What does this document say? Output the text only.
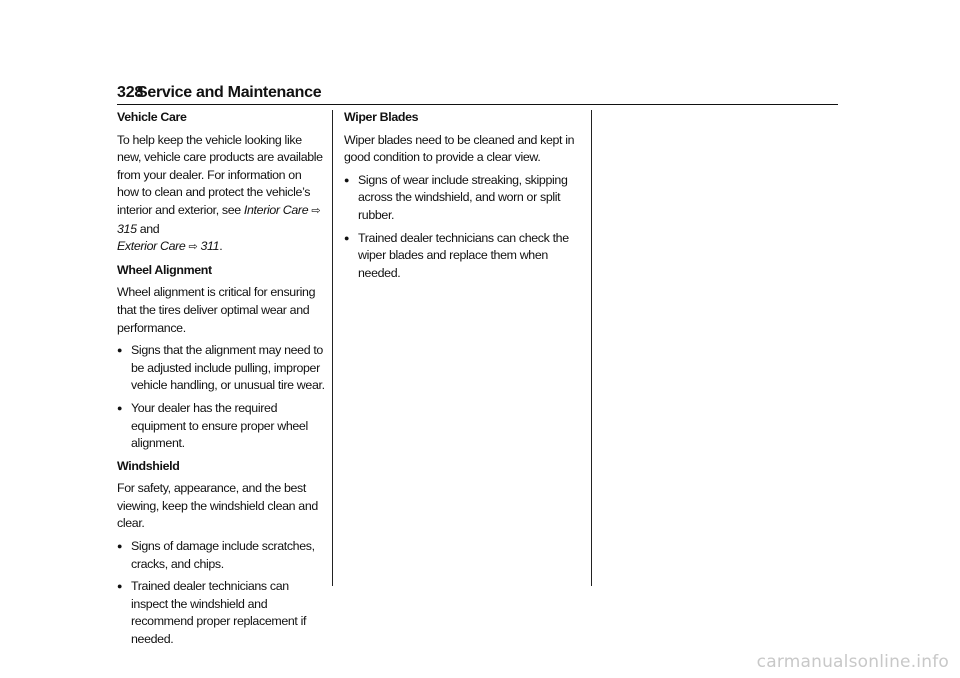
328
Service and Maintenance
Vehicle Care

To help keep the vehicle looking like new, vehicle care products are available from your dealer. For information on how to clean and protect the vehicle’s interior and exterior, see Interior Care ⇨ 315 and
Exterior Care ⇨ 311.

Wheel Alignment

Wheel alignment is critical for ensuring that the tires deliver optimal wear and performance.

● Signs that the alignment may need to be adjusted include pulling, improper vehicle handling, or unusual tire wear.
● Your dealer has the required equipment to ensure proper wheel alignment.
Windshield

For safety, appearance, and the best viewing, keep the windshield clean and clear.

● Signs of damage include scratches, cracks, and chips.
● Trained dealer technicians can inspect the windshield and recommend proper replacement if needed.
Wiper Blades

Wiper blades need to be cleaned and kept in good condition to provide a clear view.

● Signs of wear include streaking, skipping across the windshield, and worn or split rubber.
● Trained dealer technicians can check the wiper blades and replace them when needed.
carmanualsonline.info
